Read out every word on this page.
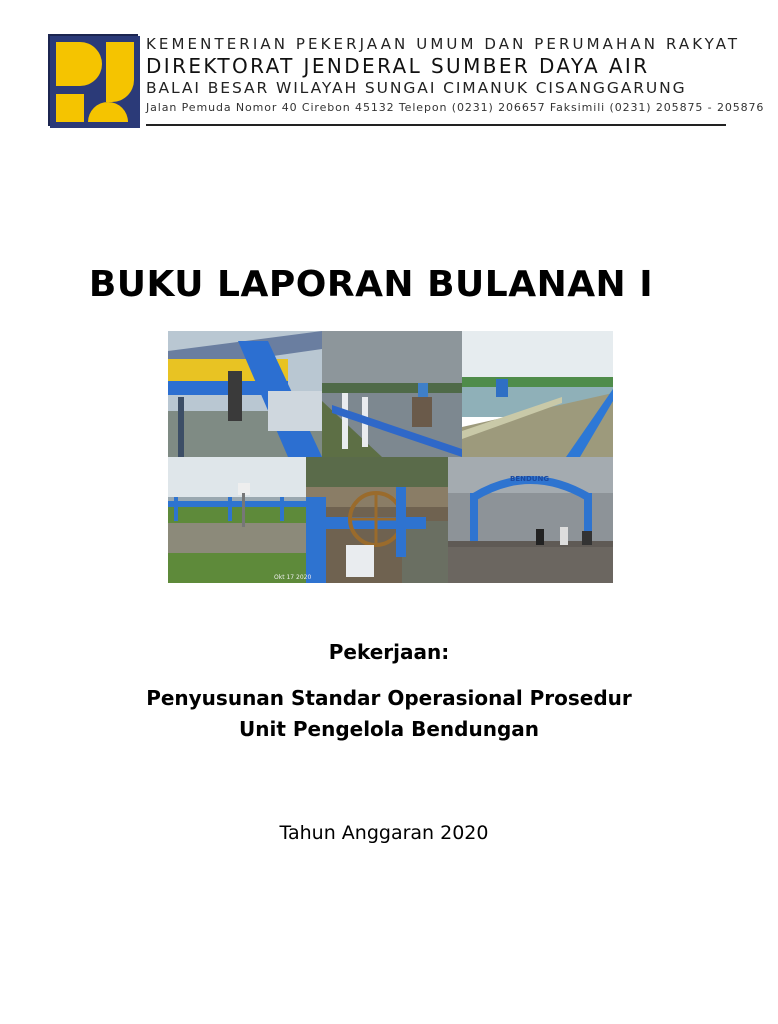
KEMENTERIAN PEKERJAAN UMUM DAN PERUMAHAN RAKYAT
DIREKTORAT JENDERAL SUMBER DAYA AIR
BALAI BESAR WILAYAH SUNGAI CIMANUK CISANGGARUNG
Jalan Pemuda Nomor 40 Cirebon 45132 Telepon (0231) 206657 Faksimili (0231) 205875 - 205876
BUKU LAPORAN BULANAN I
Okt 17 2020
BENDUNG
Pekerjaan:
Penyusunan Standar Operasional Prosedur
Unit Pengelola Bendungan
Tahun Anggaran 2020
